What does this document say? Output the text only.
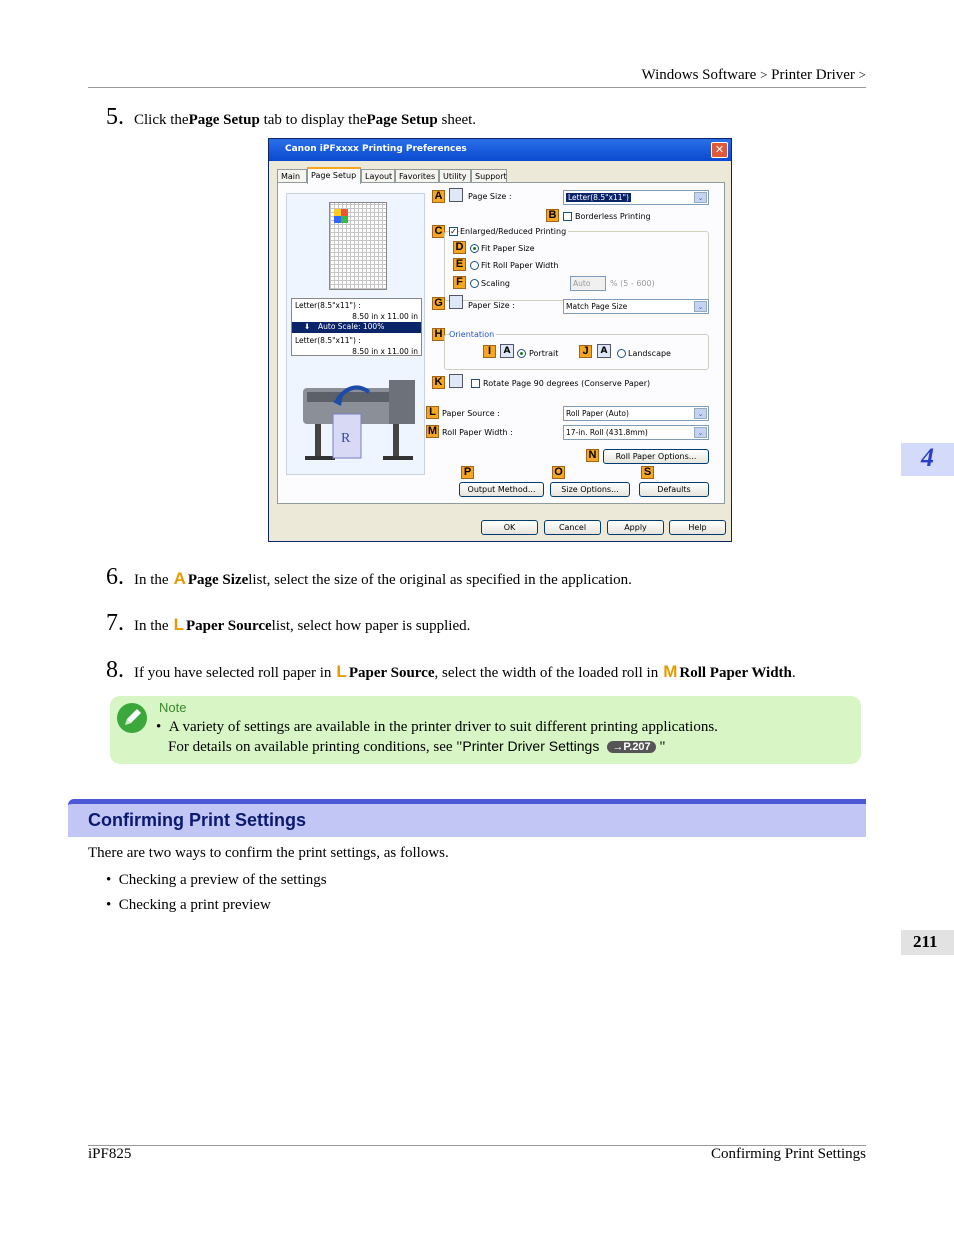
Windows Software > Printer Driver >
5. Click the Page Setup
tab to display the Page Setup
sheet.
Canon iPFxxxx Printing Preferences	✕
Main	Page Setup	Layout Favorites Utility	Support
Letter(8.5"x11") :
8.50 in x 11.00 in
⬇ Auto Scale: 100%
Letter(8.5"x11") :
8.50 in x 11.00 in
R
A	Page Size :	Letter(8.5"x11")	⌄
B	Borderless Printing
C ✓ Enlarged/Reduced Printing
D	Fit Paper Size
E	Fit Roll Paper Width
F	Scaling	Auto	% (5 - 600)
G	Paper Size :	Match Page Size	⌄
H Orientation
I	A	Portrait	J	A	Landscape
K	Rotate Page 90 degrees (Conserve Paper)
L Paper Source :	Roll Paper (Auto)	⌄
M Roll Paper Width :	17-in. Roll (431.8mm)	⌄
N	Roll Paper Options...
P	O	S
Output Method...	Size Options...	Defaults
OK	Cancel	Apply	Help
6. In the A Page Size list, select the size of the original as specified in the application.
7. In the L Paper Source list, select how paper is supplied.
8. If you have selected roll paper in L Paper Source , select the width of the loaded roll in M Roll Paper Width .
Note
• A variety of settings are available in the printer driver to suit different printing applications.
For details on available printing conditions, see "Printer Driver Settings →P.207 "
Confirming Print Settings
There are two ways to confirm the print settings, as follows.
•  Checking a preview of the settings
•  Checking a print preview
4
211
iPF825	Confirming Print Settings
